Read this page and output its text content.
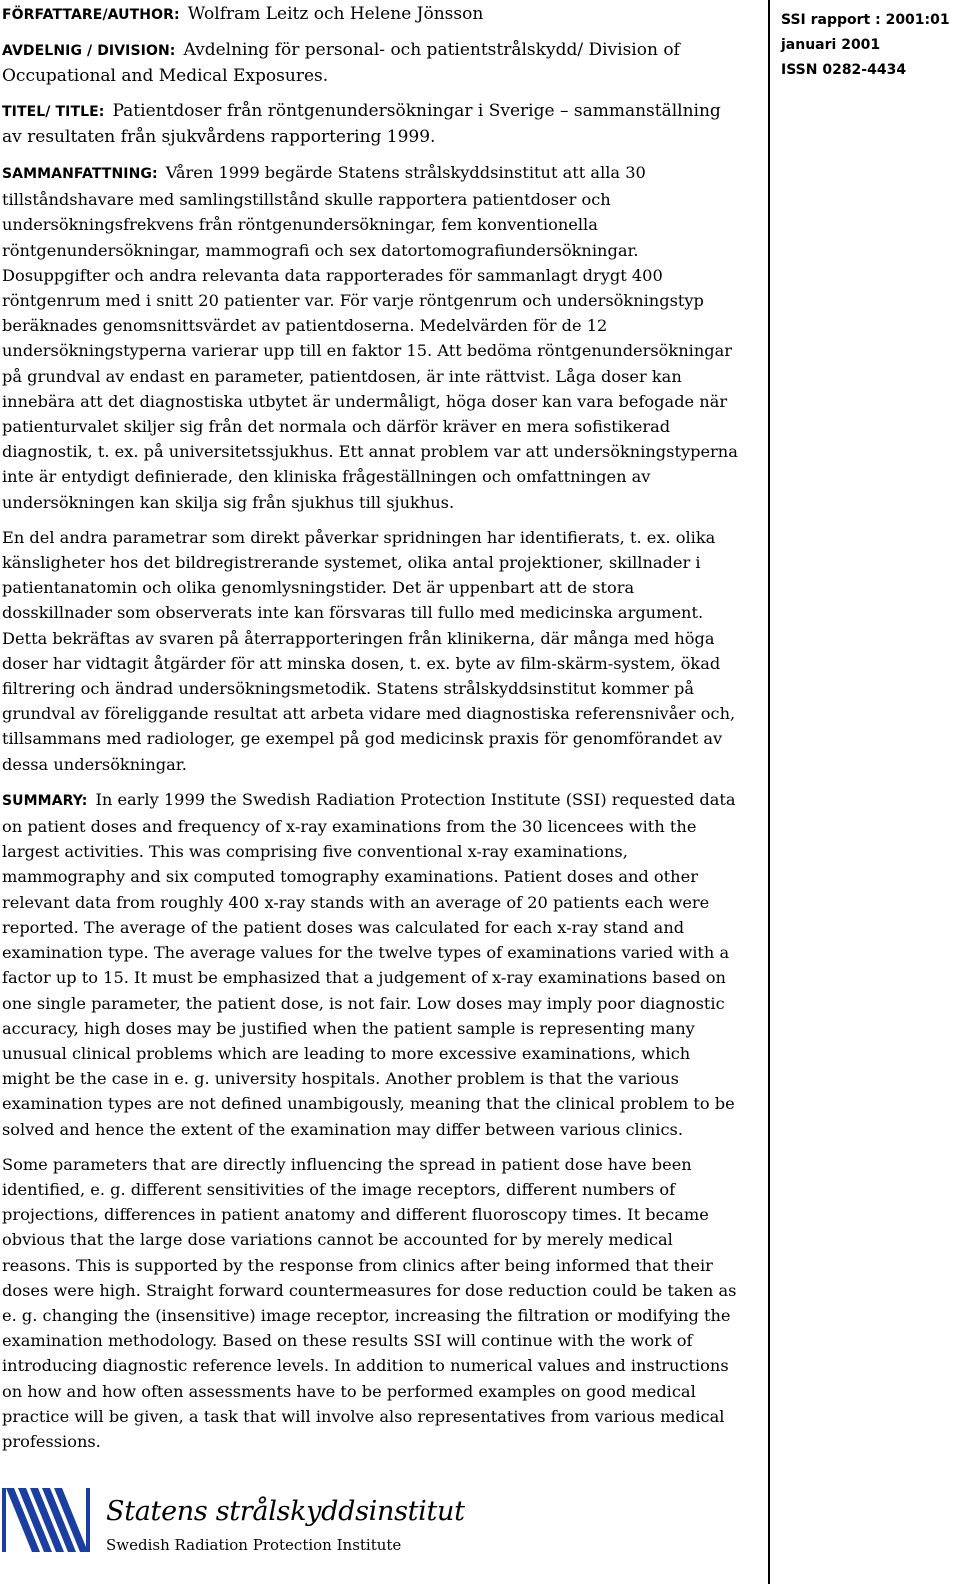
FÖRFATTARE/AUTHOR: Wolfram Leitz och Helene Jönsson

AVDELNIG / DIVISION: Avdelning för personal- och patientstrålskydd/ Division of Occupational and Medical Exposures.

TITEL/ TITLE: Patientdoser från röntgenundersökningar i Sverige – sammanställning av resultaten från sjukvårdens rapportering 1999.

SAMMANFATTNING: Våren 1999 begärde Statens strålskyddsinstitut att alla 30 tillståndshavare med samlingstillstånd skulle rapportera patientdoser och undersökningsfrekvens från röntgenundersökningar, fem konventionella röntgenundersökningar, mammografi och sex datortomografiundersökningar. Dosuppgifter och andra relevanta data rapporterades för sammanlagt drygt 400 röntgenrum med i snitt 20 patienter var. För varje röntgenrum och undersökningstyp beräknades genomsnittsvärdet av patientdoserna. Medelvärden för de 12 undersökningstyperna varierar upp till en faktor 15. Att bedöma röntgenundersökningar på grundval av endast en parameter, patientdosen, är inte rättvist. Låga doser kan innebära att det diagnostiska utbytet är undermåligt, höga doser kan vara befogade när patienturvalet skiljer sig från det normala och därför kräver en mera sofistikerad diagnostik, t. ex. på universitetssjukhus. Ett annat problem var att undersökningstyperna inte är entydigt definierade, den kliniska frågeställningen och omfattningen av undersökningen kan skilja sig från sjukhus till sjukhus.

En del andra parametrar som direkt påverkar spridningen har identifierats, t. ex. olika känsligheter hos det bildregistrerande systemet, olika antal projektioner, skillnader i patientanatomin och olika genomlysningstider. Det är uppenbart att de stora dosskillnader som observerats inte kan försvaras till fullo med medicinska argument. Detta bekräftas av svaren på återrapporteringen från klinikerna, där många med höga doser har vidtagit åtgärder för att minska dosen, t. ex. byte av film-skärm-system, ökad filtrering och ändrad undersökningsmetodik. Statens strålskyddsinstitut kommer på grundval av föreliggande resultat att arbeta vidare med diagnostiska referensnivåer och, tillsammans med radiologer, ge exempel på god medicinsk praxis för genomförandet av dessa undersökningar.

SUMMARY: In early 1999 the Swedish Radiation Protection Institute (SSI) requested data on patient doses and frequency of x-ray examinations from the 30 licencees with the largest activities. This was comprising five conventional x-ray examinations, mammography and six computed tomography examinations. Patient doses and other relevant data from roughly 400 x-ray stands with an average of 20 patients each were reported. The average of the patient doses was calculated for each x-ray stand and examination type. The average values for the twelve types of examinations varied with a factor up to 15. It must be emphasized that a judgement of x-ray examinations based on one single parameter, the patient dose, is not fair. Low doses may imply poor diagnostic accuracy, high doses may be justified when the patient sample is representing many unusual clinical problems which are leading to more excessive examinations, which might be the case in e. g. university hospitals. Another problem is that the various examination types are not defined unambigously, meaning that the clinical problem to be solved and hence the extent of the examination may differ between various clinics.

Some parameters that are directly influencing the spread in patient dose have been identified, e. g. different sensitivities of the image receptors, different numbers of projections, differences in patient anatomy and different fluoroscopy times. It became obvious that the large dose variations cannot be accounted for by merely medical reasons. This is supported by the response from clinics after being informed that their doses were high. Straight forward countermeasures for dose reduction could be taken as e. g. changing the (insensitive) image receptor, increasing the filtration or modifying the examination methodology. Based on these results SSI will continue with the work of introducing diagnostic reference levels. In addition to numerical values and instructions on how and how often assessments have to be performed examples on good medical practice will be given, a task that will involve also representatives from various medical professions.

SSI rapport : 2001:01
januari 2001
ISSN 0282-4434
Statens strålskyddsinstitut
Swedish Radiation Protection Institute
